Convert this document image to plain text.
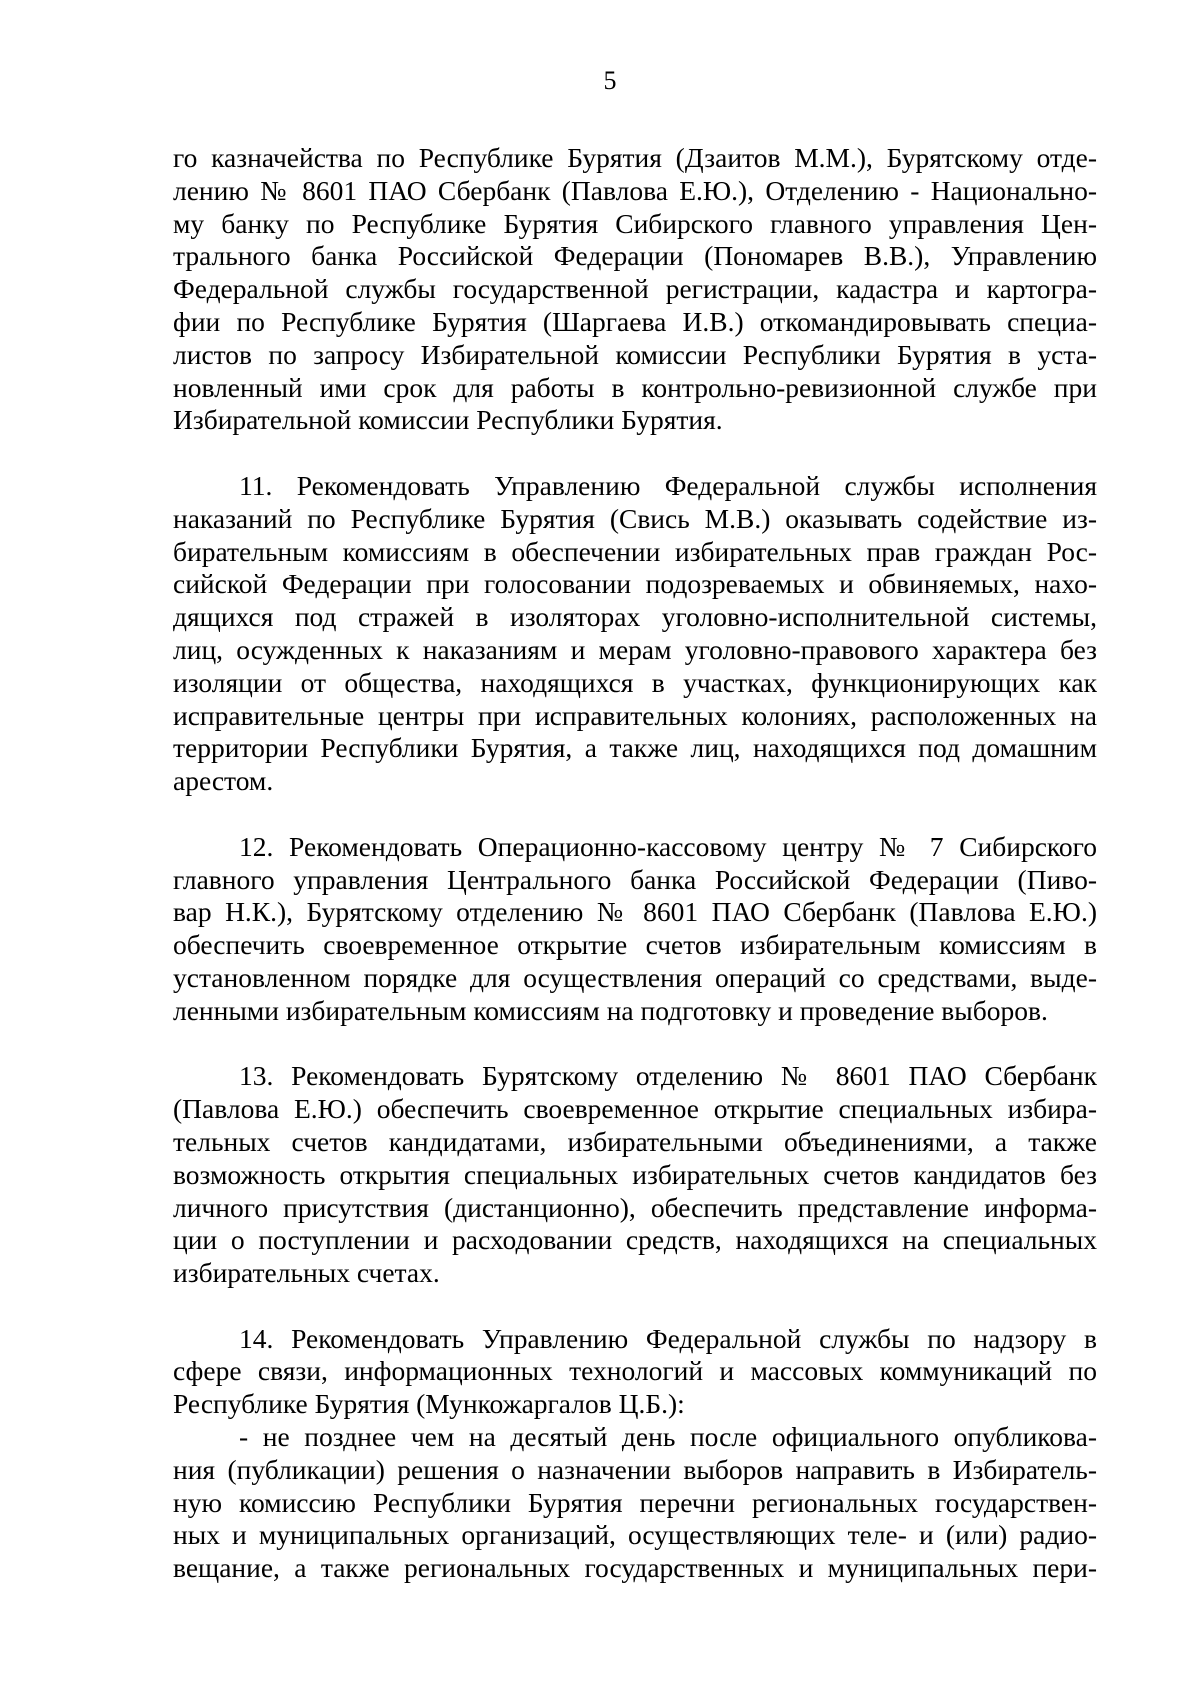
5
го казначейства по Республике Бурятия (Дзаитов М.М.), Бурятскому отде-
лению № 8601 ПАО Сбербанк (Павлова Е.Ю.), Отделению - Национально-
му банку по Республике Бурятия Сибирского главного управления Цен-
трального банка Российской Федерации (Пономарев В.В.), Управлению
Федеральной службы государственной регистрации, кадастра и картогра-
фии по Республике Бурятия (Шаргаева И.В.) откомандировывать специа-
листов по запросу Избирательной комиссии Республики Бурятия в уста-
новленный ими срок для работы в контрольно-ревизионной службе при
Избирательной комиссии Республики Бурятия.
11. Рекомендовать Управлению Федеральной службы исполнения
наказаний по Республике Бурятия (Свись М.В.) оказывать содействие из-
бирательным комиссиям в обеспечении избирательных прав граждан Рос-
сийской Федерации при голосовании подозреваемых и обвиняемых, нахо-
дящихся под стражей в изоляторах уголовно-исполнительной системы,
лиц, осужденных к наказаниям и мерам уголовно-правового характера без
изоляции от общества, находящихся в участках, функционирующих как
исправительные центры при исправительных колониях, расположенных на
территории Республики Бурятия, а также лиц, находящихся под домашним
арестом.
12. Рекомендовать Операционно-кассовому центру № 7 Сибирского
главного управления Центрального банка Российской Федерации (Пиво-
вар Н.К.), Бурятскому отделению № 8601 ПАО Сбербанк (Павлова Е.Ю.)
обеспечить своевременное открытие счетов избирательным комиссиям в
установленном порядке для осуществления операций со средствами, выде-
ленными избирательным комиссиям на подготовку и проведение выборов.
13. Рекомендовать Бурятскому отделению № 8601 ПАО Сбербанк
(Павлова Е.Ю.) обеспечить своевременное открытие специальных избира-
тельных счетов кандидатами, избирательными объединениями, а также
возможность открытия специальных избирательных счетов кандидатов без
личного присутствия (дистанционно), обеспечить представление информа-
ции о поступлении и расходовании средств, находящихся на специальных
избирательных счетах.
14. Рекомендовать Управлению Федеральной службы по надзору в
сфере связи, информационных технологий и массовых коммуникаций по
Республике Бурятия (Мункожаргалов Ц.Б.):
- не позднее чем на десятый день после официального опубликова-
ния (публикации) решения о назначении выборов направить в Избиратель-
ную комиссию Республики Бурятия перечни региональных государствен-
ных и муниципальных организаций, осуществляющих теле- и (или) радио-
вещание, а также региональных государственных и муниципальных пери-
